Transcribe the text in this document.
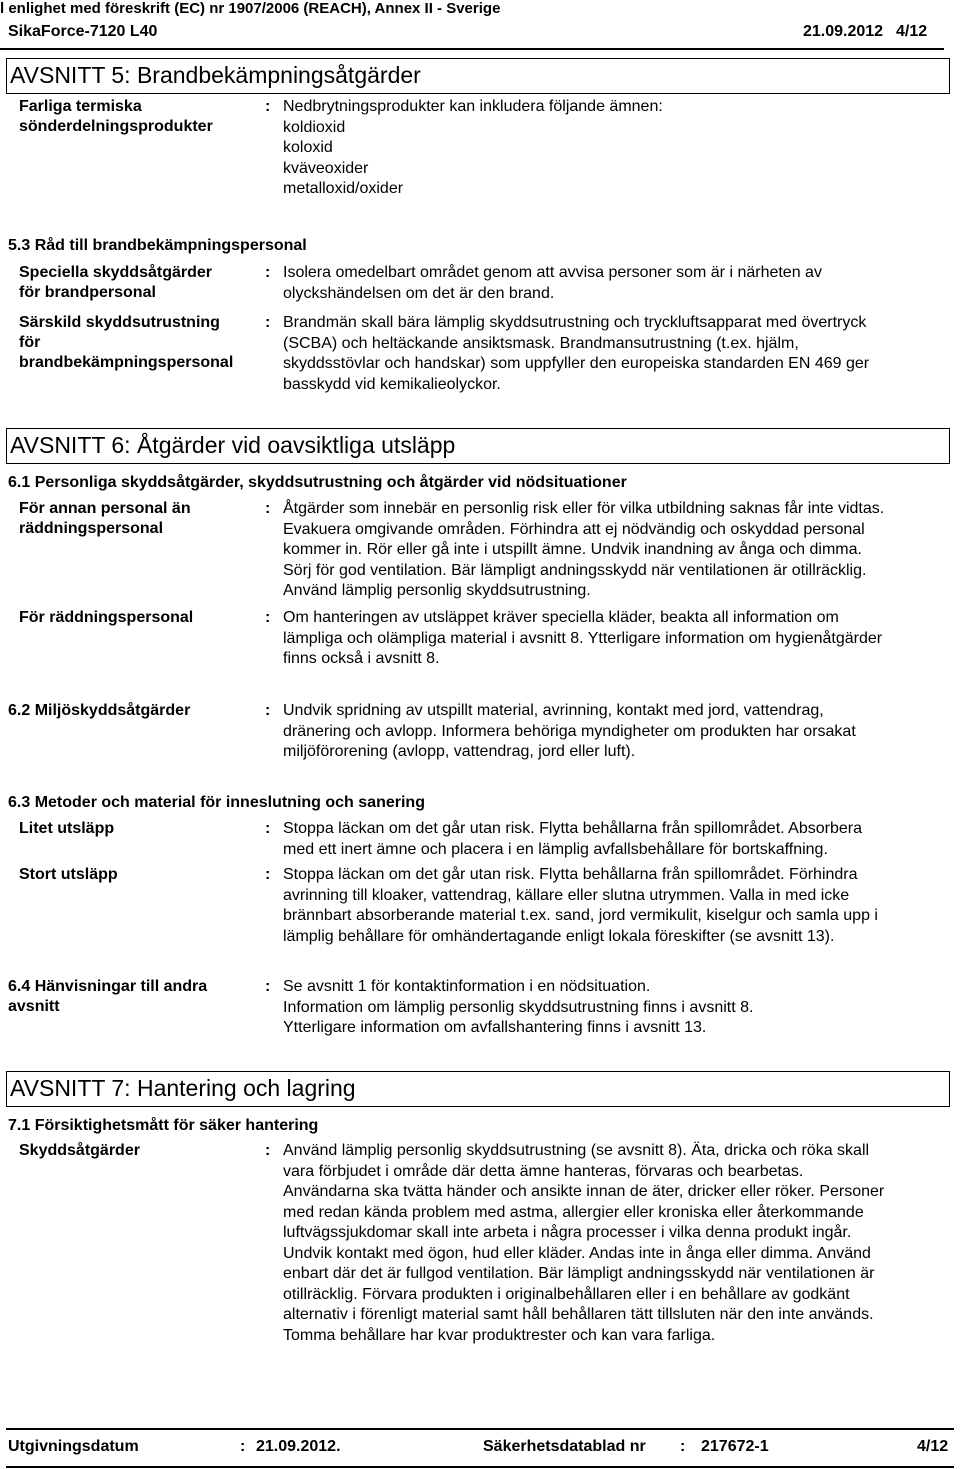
l enlighet med föreskrift (EC) nr 1907/2006 (REACH), Annex II - Sverige
SikaForce-7120 L40	21.09.2012 4/12
AVSNITT 5: Brandbekämpningsåtgärder
Farliga termiska
sönderdelningsprodukter
: Nedbrytningsprodukter kan inkludera följande ämnen:
koldioxid
koloxid
kväveoxider
metalloxid/oxider
5.3 Råd till brandbekämpningspersonal
Speciella skyddsåtgärder
för brandpersonal
: Isolera omedelbart området genom att avvisa personer som är i närheten av
olyckshändelsen om det är den brand.
Särskild skyddsutrustning
för
brandbekämpningspersonal
: Brandmän skall bära lämplig skyddsutrustning och tryckluftsapparat med övertryck
(SCBA) och heltäckande ansiktsmask. Brandmansutrustning (t.ex. hjälm,
skyddsstövlar och handskar) som uppfyller den europeiska standarden EN 469 ger
basskydd vid kemikalieolyckor.
AVSNITT 6: Åtgärder vid oavsiktliga utsläpp
6.1 Personliga skyddsåtgärder, skyddsutrustning och åtgärder vid nödsituationer
För annan personal än
räddningspersonal
: Åtgärder som innebär en personlig risk eller för vilka utbildning saknas får inte vidtas.
Evakuera omgivande områden. Förhindra att ej nödvändig och oskyddad personal
kommer in. Rör eller gå inte i utspillt ämne. Undvik inandning av ånga och dimma.
Sörj för god ventilation. Bär lämpligt andningsskydd när ventilationen är otillräcklig.
Använd lämplig personlig skyddsutrustning.
För räddningspersonal	: Om hanteringen av utsläppet kräver speciella kläder, beakta all information om
lämpliga och olämpliga material i avsnitt 8. Ytterligare information om hygienåtgärder
finns också i avsnitt 8.
6.2 Miljöskyddsåtgärder	: Undvik spridning av utspillt material, avrinning, kontakt med jord, vattendrag,
dränering och avlopp. Informera behöriga myndigheter om produkten har orsakat
miljöförorening (avlopp, vattendrag, jord eller luft).
6.3 Metoder och material för inneslutning och sanering
Litet utsläpp	: Stoppa läckan om det går utan risk. Flytta behållarna från spillområdet. Absorbera
med ett inert ämne och placera i en lämplig avfallsbehållare för bortskaffning.
Stort utsläpp	: Stoppa läckan om det går utan risk. Flytta behållarna från spillområdet. Förhindra
avrinning till kloaker, vattendrag, källare eller slutna utrymmen. Valla in med icke
brännbart absorberande material t.ex. sand, jord vermikulit, kiselgur och samla upp i
lämplig behållare för omhändertagande enligt lokala föreskifter (se avsnitt 13).
6.4 Hänvisningar till andra
avsnitt
: Se avsnitt 1 för kontaktinformation i en nödsituation.
Information om lämplig personlig skyddsutrustning finns i avsnitt 8.
Ytterligare information om avfallshantering finns i avsnitt 13.
AVSNITT 7: Hantering och lagring
7.1 Försiktighetsmått för säker hantering
Skyddsåtgärder	: Använd lämplig personlig skyddsutrustning (se avsnitt 8). Äta, dricka och röka skall
vara förbjudet i område där detta ämne hanteras, förvaras och bearbetas.
Användarna ska tvätta händer och ansikte innan de äter, dricker eller röker. Personer
med redan kända problem med astma, allergier eller kroniska eller återkommande
luftvägssjukdomar skall inte arbeta i några processer i vilka denna produkt ingår.
Undvik kontakt med ögon, hud eller kläder. Andas inte in ånga eller dimma. Använd
enbart där det är fullgod ventilation. Bär lämpligt andningsskydd när ventilationen är
otillräcklig. Förvara produkten i originalbehållaren eller i en behållare av godkänt
alternativ i förenligt material samt håll behållaren tätt tillsluten när den inte används.
Tomma behållare har kvar produktrester och kan vara farliga.
Utgivningsdatum	: 21.09.2012.	Säkerhetsdatablad nr : 217672-1	4/12
